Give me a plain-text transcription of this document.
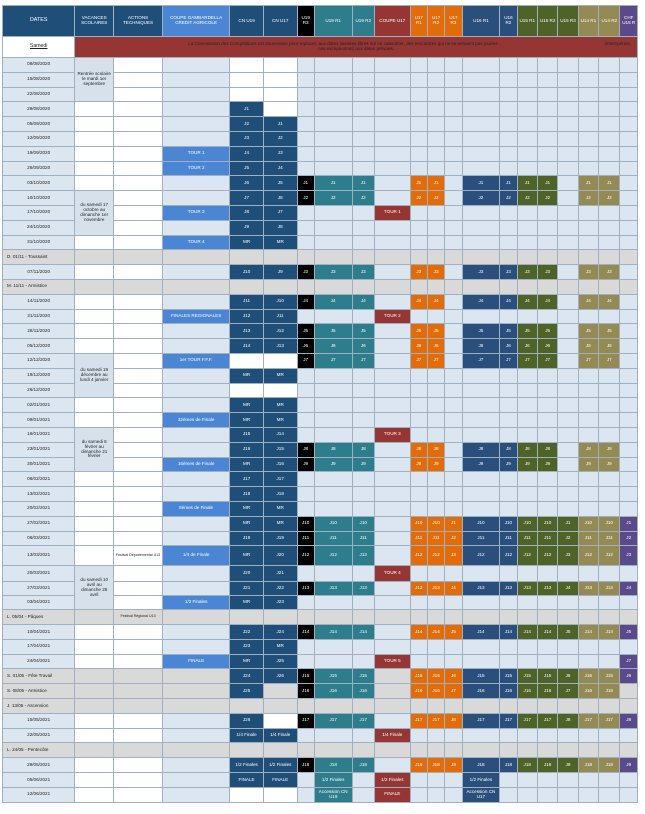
DATES	VACANCES SCOLAIRES	ACTIONS TECHNIQUES	COUPE GAMBARDELLA CREDIT AGRICOLE	CN U19	CN U17	U19 R3	U19 R1	U19 R2	COUPE U17	U17 R1	U17 R2	U17 R3	U16 R1	U16 R2	U15 R1	U15 R2	U15 R3	U14 R1	U14 R2	CHF U15 R
Samedi	(intempéries,
La Commission des Compétitions est souveraine pour replacer, aux dates laissées libres sur ce calendrier, des rencontres qui ne se seraient pas jouées
cas exceptionnel) aux dates prévues.																			
08/08/2020	Rentrée scolaire le mardi 1er septembre																			
15/08/2020																				
22/08/2020																				
29/08/2020				J1																
05/09/2020				J2	J1															
12/09/2020				J3	J2															
19/09/2020			TOUR 1	J4	J3															
26/09/2020			TOUR 2	J5	J4															
03/10/2020				J6	J5	J1	J1	J1		J1	J1		J1	J1	J1	J1		J1	J1	
10/10/2020	du samedi 17 octobre au dimanche 1er novembre			J7	J6	J2	J2	J2		J2	J2		J2	J2	J2	J2		J2	J2	
17/10/2020			TOUR 3	J8	J7				TOUR 1											
24/10/2020				J9	J8															
31/10/2020			TOUR 4	MR	MR															
D. 01/11 - Toussaint																				
07/11/2020				J10	J9	J3	J3	J3		J3	J3		J3	J3	J3	J3		J3	J3	
M. 11/11 - Armistice																				
14/11/2020				J11	J10	J4	J4	J4		J4	J4		J4	J4	J4	J4		J4	J4	
21/11/2020			FINALES REGIONALES	J12	J11				TOUR 2											
28/11/2020				J13	J12	J5	J5	J5		J5	J5		J5	J5	J5	J5		J5	J5	
05/12/2020				J14	J13	J6	J6	J6		J6	J6		J6	J6	J6	J6		J6	J6	
12/12/2020	du samedi 19 décembre au lundi 4 janvier		1er TOUR F.F.F.			J7	J7	J7		J7	J7		J7	J7	J7	J7		J7	J7	
19/12/2020				MR	MR															
26/12/2020																				
02/01/2021				MR	MR															
09/01/2021			32èmes de Finale	MR	MR															
16/01/2021	du samedi 6 février au dimanche 21 février			J15	J14				TOUR 3											
23/01/2021				J16	J15	J8	J8	J8		J8	J8		J8	J8	J8	J8		J8	J8	
30/01/2021			16èmes de Finale	MR	J16	J9	J9	J9		J9	J9		J9	J9	J9	J9		J9	J9	
06/02/2021				J17	J17															
13/02/2021				J18	J18															
20/02/2021			8èmes de Finale	MR	MR															
27/02/2021				MR	MR	J10	J10	J10		J10	J10	J1	J10	J10	J10	J10	J1	J10	J10	J1
06/03/2021				J19	J19	J11	J11	J11		J11	J11	J2	J11	J11	J11	J11	J2	J11	J11	J2
13/03/2021		Festival Départemental U13	1/4 de Finale	MR	J20	J12	J12	J12		J12	J12	J3	J12	J12	J12	J12	J3	J12	J12	J3
20/03/2021	du samedi 10 avril au dimanche 25 avril			J20	J21				TOUR 4											
27/03/2021				J21	J22	J13	J13	J13		J13	J13	J4	J13	J13	J13	J13	J4	J13	J13	J4
03/04/2021			1/2 Finales	MR	J23															
L. 05/04 - Pâques		Festival Régional U13																		
10/04/2021				J22	J24	J14	J14	J14		J14	J14	J5	J14	J14	J14	J14	J5	J14	J14	J5
17/04/2021				J23	MR															
24/04/2021			FINALE	MR	J25				TOUR 5											J7
S. 01/05 - Fête Travail				J24	J26	J15	J15	J15		J15	J15	J6	J15	J15	J15	J15	J6	J15	J15	J6
S. 08/05 - Armistice				J25		J16	J16	J16		J16	J16	J7	J16	J16	J16	J16	J7	J16	J16	
J. 13/05 - Ascension																				
15/05/2021				J26		J17	J17	J17		J17	J17	J8	J17	J17	J17	J17	J8	J17	J17	J8
22/05/2021				1/4 Finale	1/4 Finale				1/4 Finale											
L. 24/05 - Pentecôte																				
29/05/2021				1/2 Finales	1/2 Finales	J18	J18	J18		J18	J18	J9	J18	J18	J18	J18	J9	J18	J18	J9
05/06/2021				FINALE	FINALE		1/2 Finales		1/2 Finales				1/2 Finales							
12/06/2021							Accession CN U19		FINALE				Accession CN U17							
